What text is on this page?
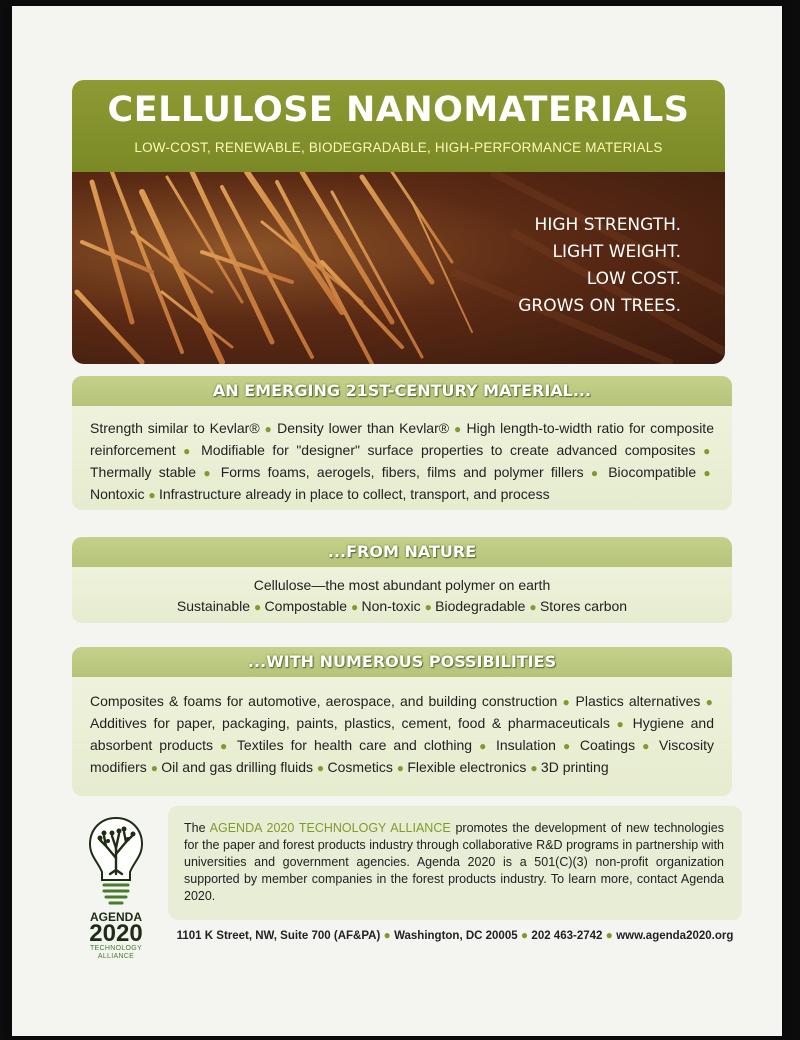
CELLULOSE NANOMATERIALS
LOW-COST, RENEWABLE, BIODEGRADABLE, HIGH-PERFORMANCE MATERIALS
HIGH STRENGTH.
LIGHT WEIGHT.
LOW COST.
GROWS ON TREES.
AN EMERGING 21ST-CENTURY MATERIAL...
Strength similar to Kevlar® ● Density lower than Kevlar® ● High length-to-width ratio for composite reinforcement ● Modifiable for "designer" surface properties to create advanced composites ● Thermally stable ● Forms foams, aerogels, fibers, films and polymer fillers ● Biocompatible ● Nontoxic ● Infrastructure already in place to collect, transport, and process
...FROM NATURE
Cellulose—the most abundant polymer on earth
Sustainable ● Compostable ● Non-toxic ● Biodegradable ● Stores carbon
...WITH NUMEROUS POSSIBILITIES
Composites & foams for automotive, aerospace, and building construction ● Plastics alternatives ● Additives for paper, packaging, paints, plastics, cement, food & pharmaceuticals ● Hygiene and absorbent products ● Textiles for health care and clothing ● Insulation ● Coatings ● Viscosity modifiers ● Oil and gas drilling fluids ● Cosmetics ● Flexible electronics ● 3D printing
AGENDA
2020
TECHNOLOGY
ALLIANCE
The AGENDA 2020 TECHNOLOGY ALLIANCE promotes the development of new technologies for the paper and forest products industry through collaborative R&D programs in partnership with universities and government agencies. Agenda 2020 is a 501(C)(3) non-profit organization supported by member companies in the forest products industry. To learn more, contact Agenda 2020.
1101 K Street, NW, Suite 700 (AF&PA) ● Washington, DC 20005 ● 202 463-2742 ● www.agenda2020.org
